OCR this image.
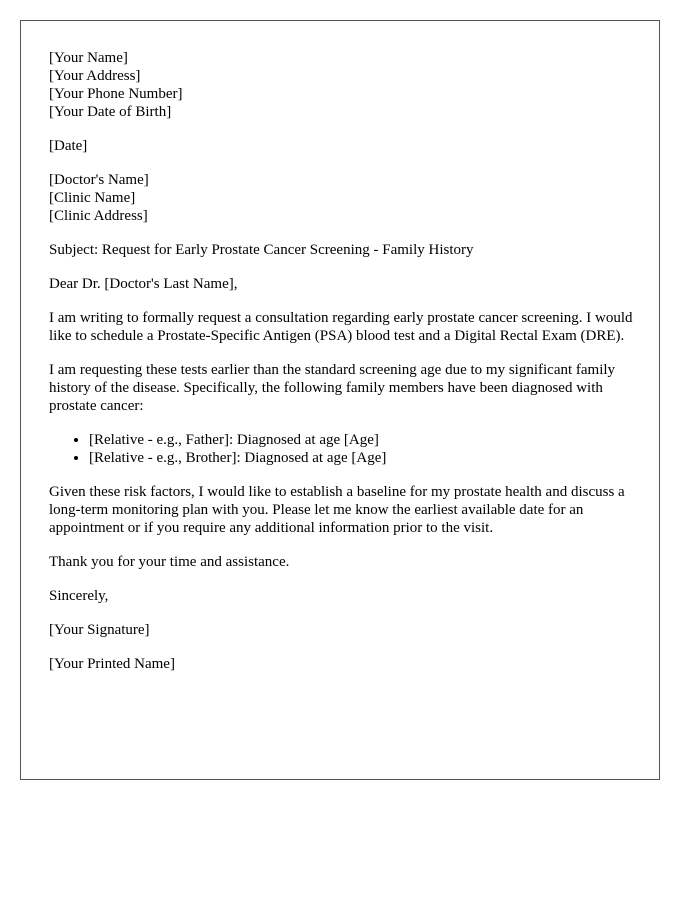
[Your Name]
[Your Address]
[Your Phone Number]
[Your Date of Birth]

[Date]

[Doctor's Name]
[Clinic Name]
[Clinic Address]

Subject: Request for Early Prostate Cancer Screening - Family History

Dear Dr. [Doctor's Last Name],

I am writing to formally request a consultation regarding early prostate cancer screening. I would like to schedule a Prostate-Specific Antigen (PSA) blood test and a Digital Rectal Exam (DRE).

I am requesting these tests earlier than the standard screening age due to my significant family history of the disease. Specifically, the following family members have been diagnosed with prostate cancer:

• [Relative - e.g., Father]: Diagnosed at age [Age]
• [Relative - e.g., Brother]: Diagnosed at age [Age]

Given these risk factors, I would like to establish a baseline for my prostate health and discuss a long-term monitoring plan with you. Please let me know the earliest available date for an appointment or if you require any additional information prior to the visit.

Thank you for your time and assistance.

Sincerely,

[Your Signature]

[Your Printed Name]
